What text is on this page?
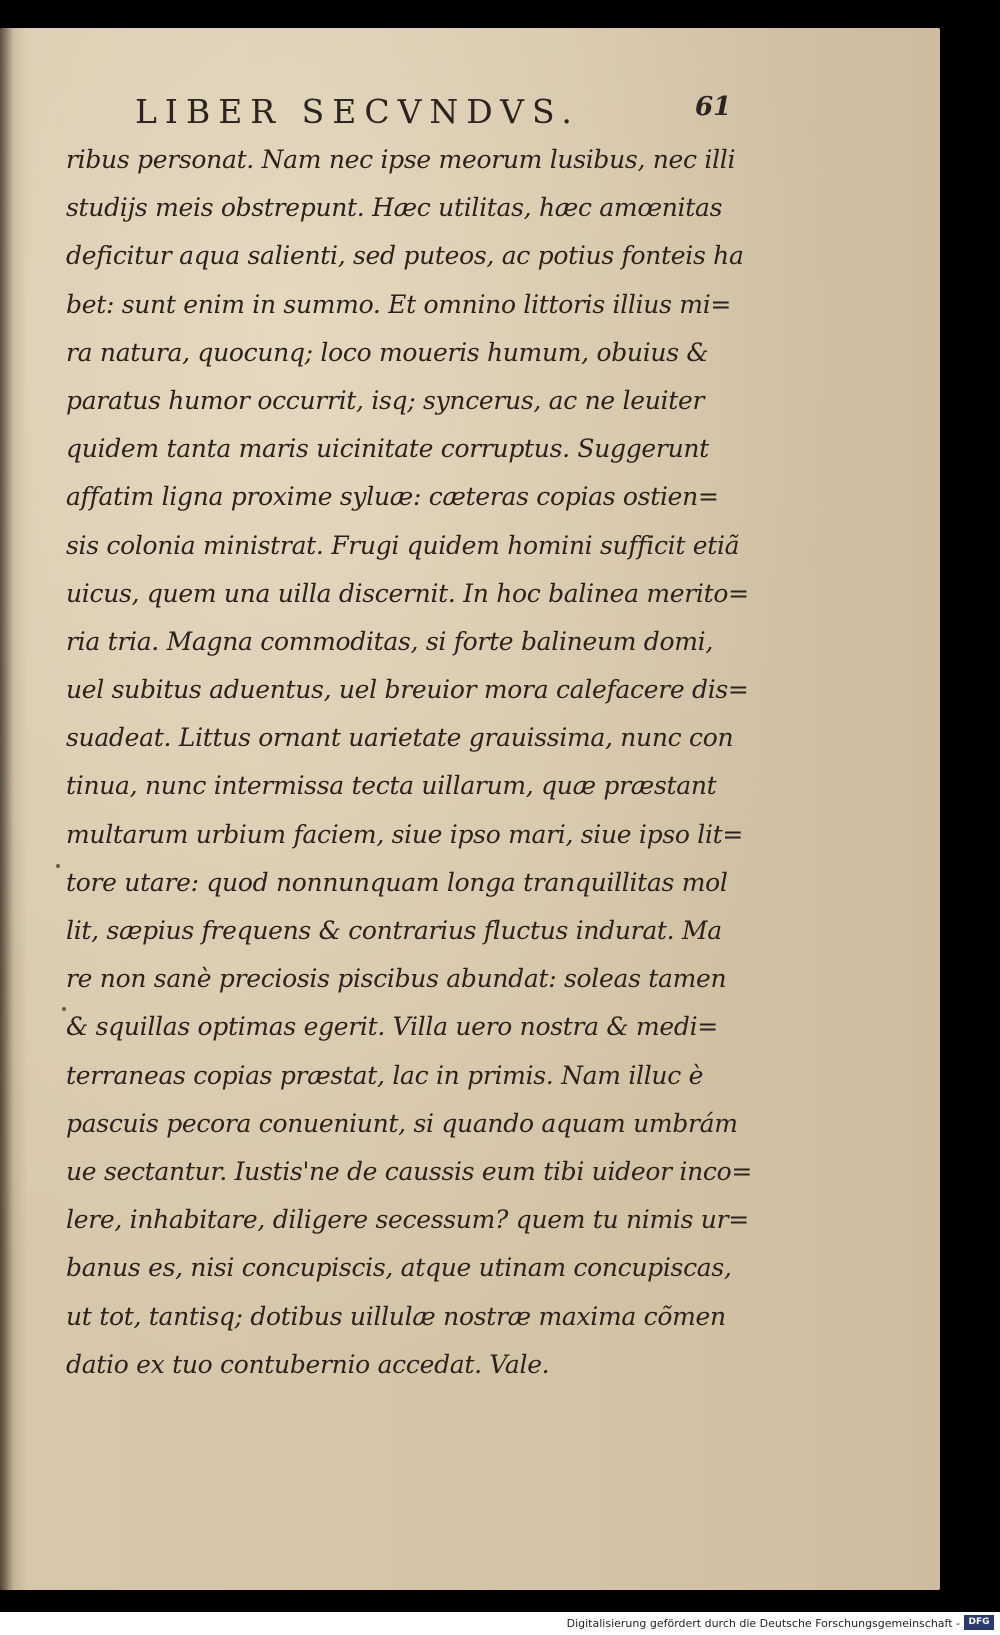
LIBER SECVNDVS.	61
ribus personat. Nam nec ipse meorum lusibus, nec illi
studijs meis obstrepunt. Hæc utilitas, hæc amœnitas
deficitur aqua salienti, sed puteos, ac potius fonteis ha
bet: sunt enim in summo. Et omnino littoris illius mi=
ra natura, quocunq; loco moueris humum, obuius &
paratus humor occurrit, isq; syncerus, ac ne leuiter
quidem tanta maris uicinitate corruptus. Suggerunt
affatim ligna proxime syluæ: cæteras copias ostien=
sis colonia ministrat. Frugi quidem homini sufficit etiã
uicus, quem una uilla discernit. In hoc balinea merito=
ria tria. Magna commoditas, si forte balineum domi,
uel subitus aduentus, uel breuior mora calefacere dis=
suadeat. Littus ornant uarietate grauissima, nunc con
tinua, nunc intermissa tecta uillarum, quæ præstant
multarum urbium faciem, siue ipso mari, siue ipso lit=
tore utare: quod nonnunquam longa tranquillitas mol
lit, sæpius frequens & contrarius fluctus indurat. Ma
re non sanè preciosis piscibus abundat: soleas tamen
& squillas optimas egerit. Villa uero nostra & medi=
terraneas copias præstat, lac in primis. Nam illuc è
pascuis pecora conueniunt, si quando aquam umbrám
ue sectantur. Iustis'ne de caussis eum tibi uideor inco=
lere, inhabitare, diligere secessum? quem tu nimis ur=
banus es, nisi concupiscis, atque utinam concupiscas,
ut tot, tantisq; dotibus uillulæ nostræ maxima cõmen
datio ex tuo contubernio accedat. Vale.
Digitalisierung gefördert durch die Deutsche Forschungsgemeinschaft - DFG
